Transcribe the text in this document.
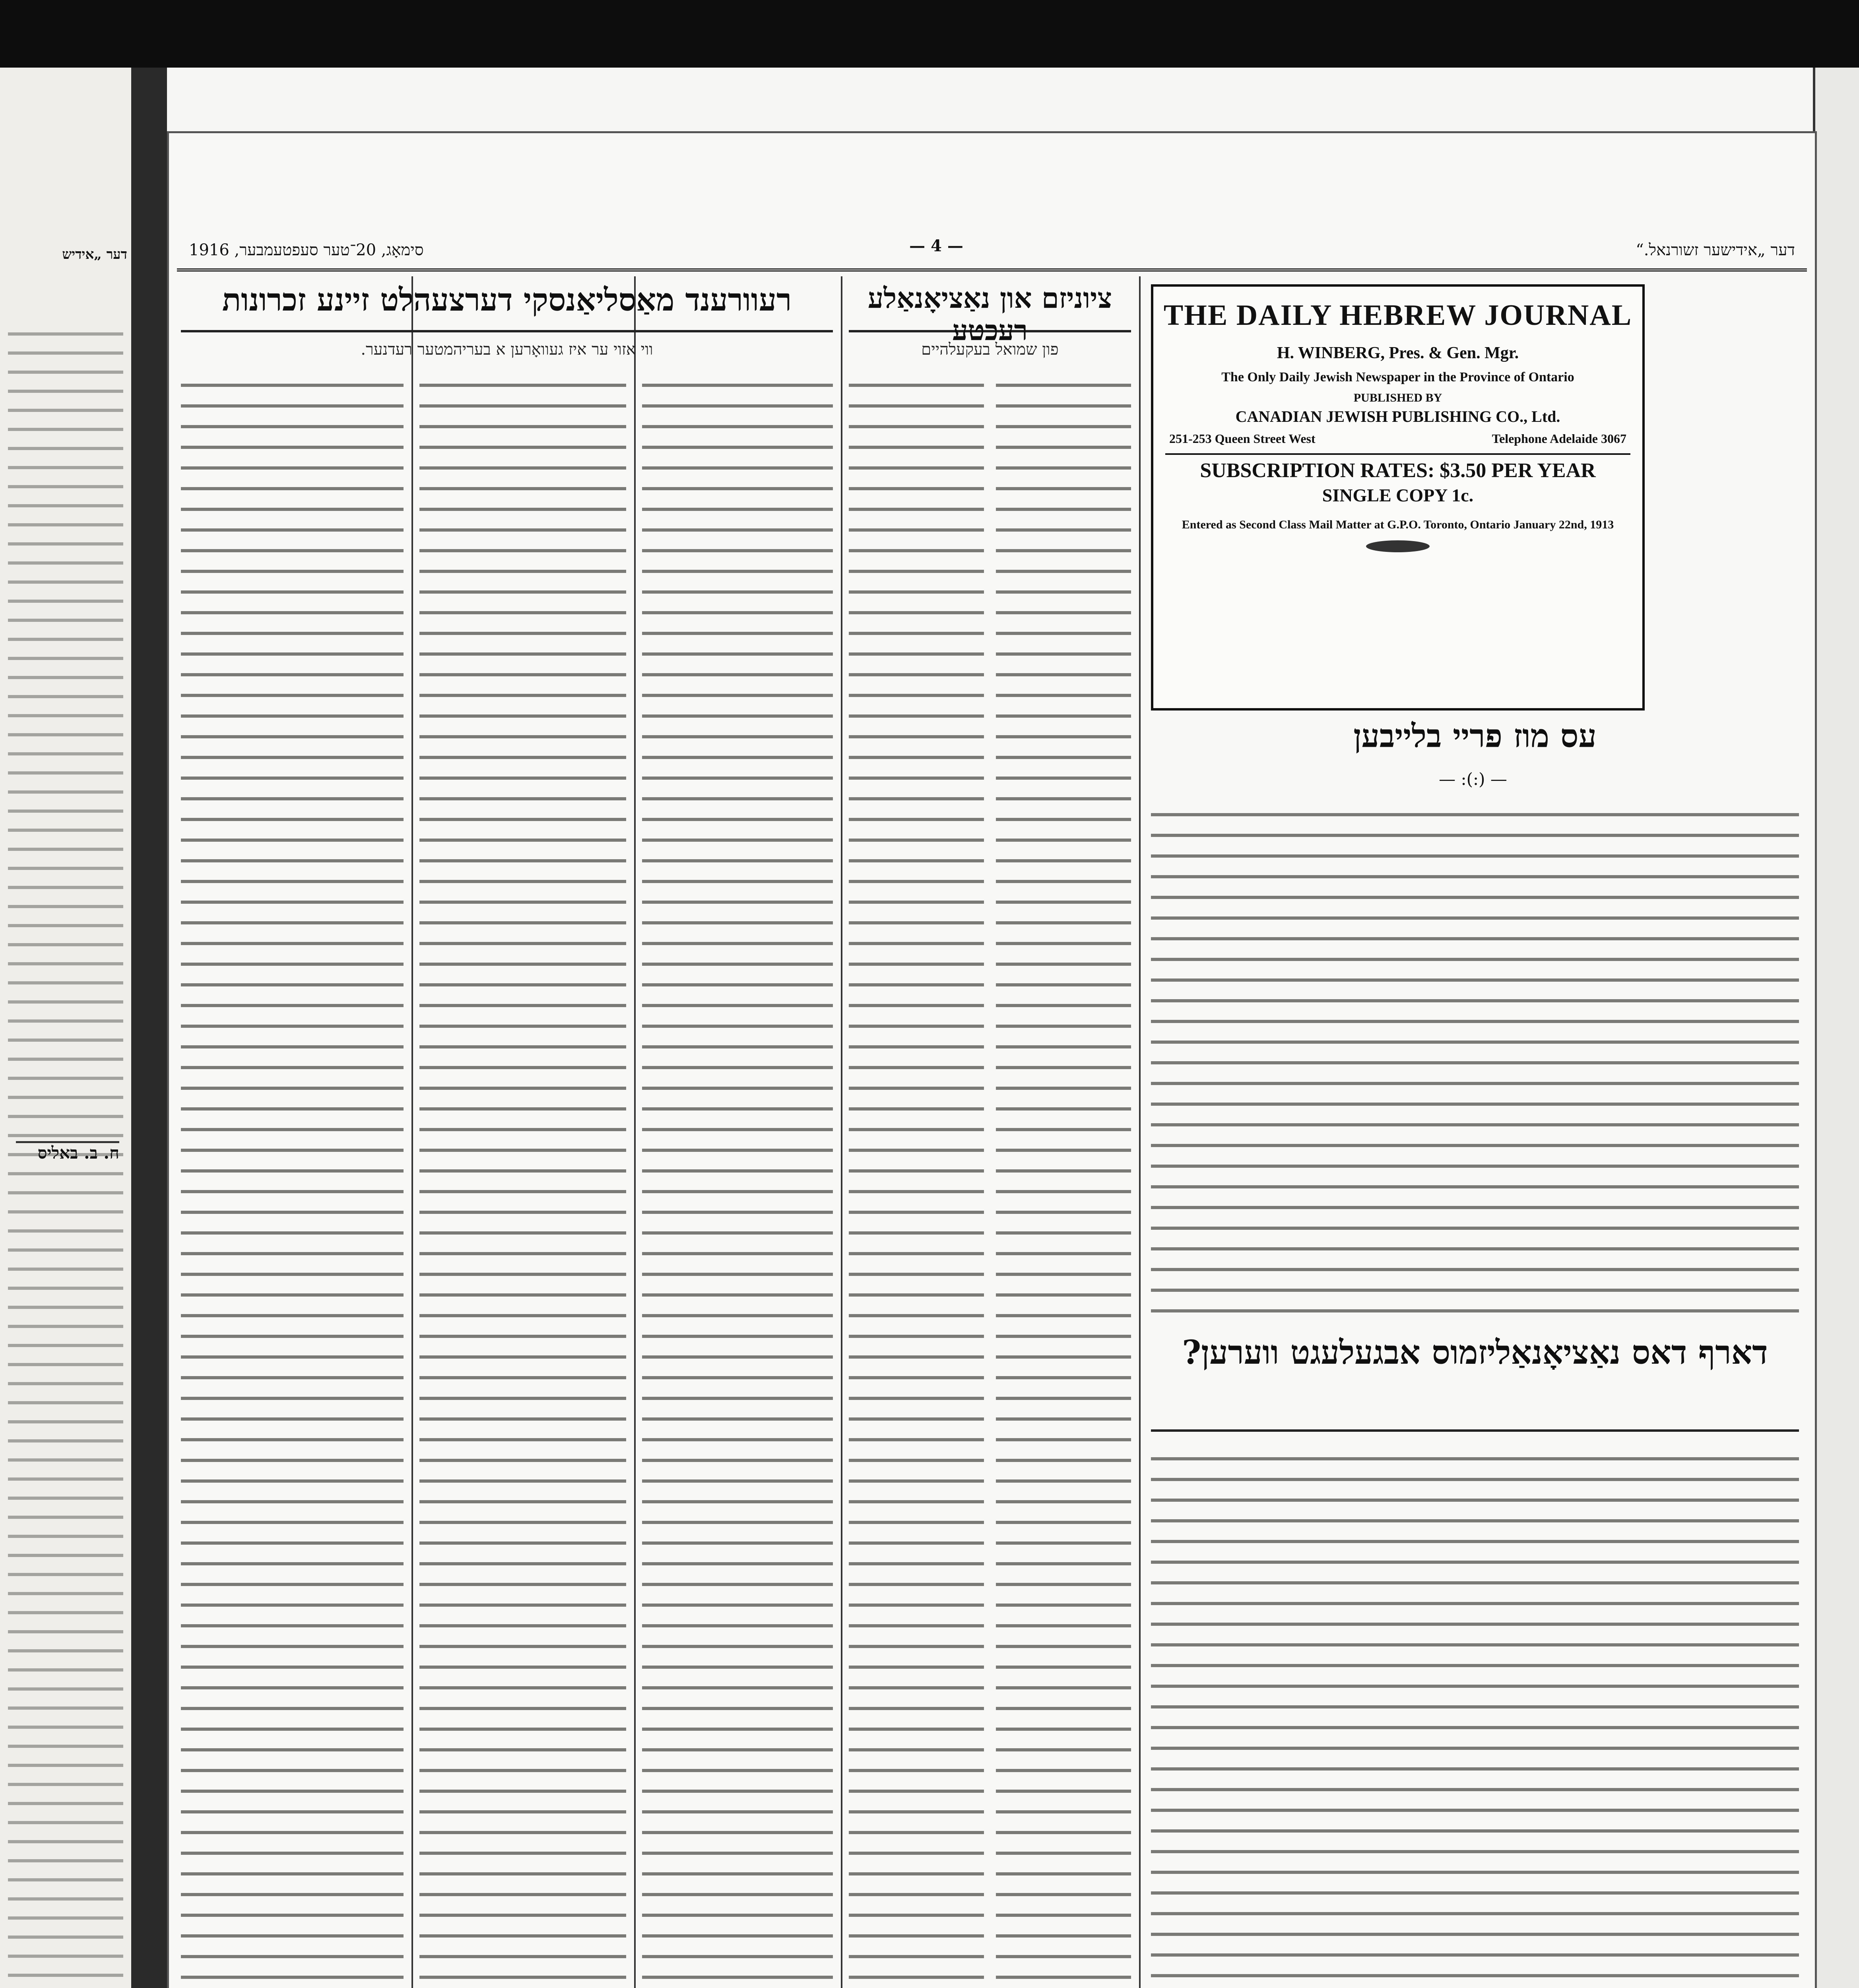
דער „אידיש
ח. ב. באליס
סימאָג, 20־טער סעפטעמבער, 1916	— 4 —	דער „אידישער זשורנאל.“
רעוורענד מאַסליאַנסקי דערצעהלט זיינע זכרונות
ווי אזוי ער איז געוואָרען א בעריהמטער רעדנער.
ציוניזם און נאַציאָנאַלע רעכטע
פון שמואל בעקעלהיים
THE DAILY HEBREW JOURNAL
H. WINBERG, Pres. & Gen. Mgr.
The Only Daily Jewish Newspaper in the Province of Ontario
PUBLISHED BY
CANADIAN JEWISH PUBLISHING CO., Ltd.
251-253 Queen Street West	Telephone Adelaide 3067
SUBSCRIPTION RATES: $3.50 PER YEAR
SINGLE COPY 1c.
Entered as Second Class Mail Matter at G.P.O. Toronto, Ontario January 22nd, 1913
עס מוז פריי בלייבען
— :(:) —
דארף דאס נאַציאָנאַליזמוס אבגעלעגט ווערען?
